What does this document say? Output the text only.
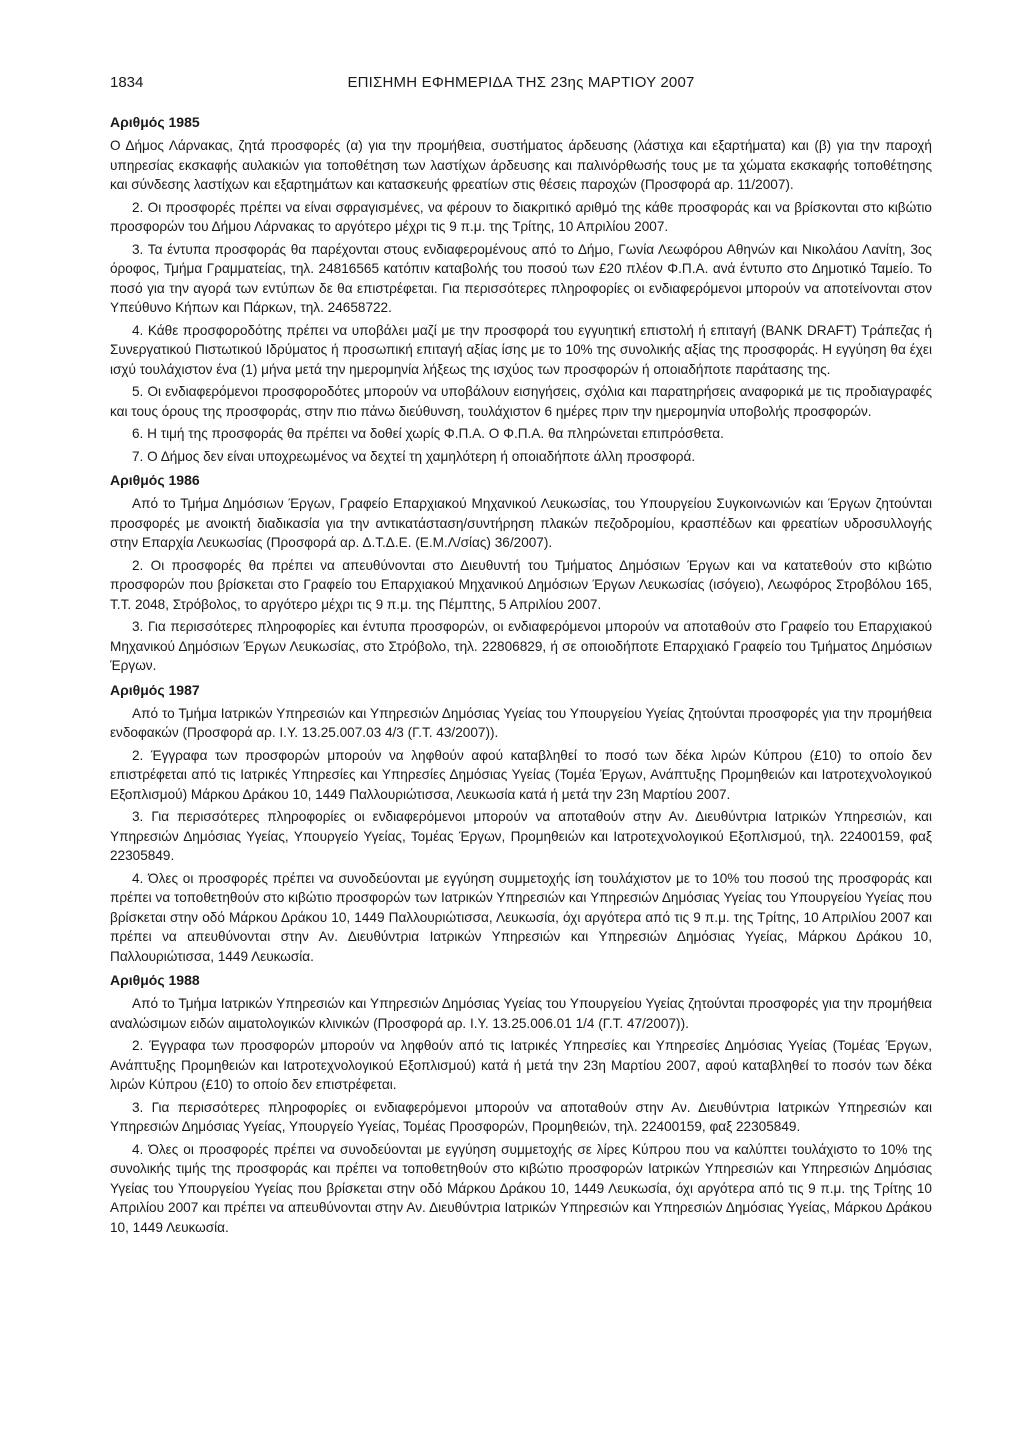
1834	ΕΠΙΣΗΜΗ ΕΦΗΜΕΡΙΔΑ ΤΗΣ 23ης ΜΑΡΤΙΟΥ 2007
Αριθμός 1985

Ο Δήμος Λάρνακας, ζητά προσφορές (α) για την προμήθεια, συστήματος άρδευσης (λάστιχα και εξαρτήματα) και (β) για την παροχή υπηρεσίας εκσκαφής αυλακιών για τοποθέτηση των λαστίχων άρδευσης και παλινόρθωσής τους με τα χώματα εκσκαφής τοποθέτησης και σύνδεσης λαστίχων και εξαρτημάτων και κατασκευής φρεατίων στις θέσεις παροχών (Προσφορά αρ. 11/2007).

2. Οι προσφορές πρέπει να είναι σφραγισμένες, να φέρουν το διακριτικό αριθμό της κάθε προσφοράς και να βρίσκονται στο κιβώτιο προσφορών του Δήμου Λάρνακας το αργότερο μέχρι τις 9 π.μ. της Τρίτης, 10 Απριλίου 2007.

3. Τα έντυπα προσφοράς θα παρέχονται στους ενδιαφερομένους από το Δήμο, Γωνία Λεωφόρου Αθηνών και Νικολάου Λανίτη, 3ος όροφος, Τμήμα Γραμματείας, τηλ. 24816565 κατόπιν καταβολής του ποσού των £20 πλέον Φ.Π.Α. ανά έντυπο στο Δημοτικό Ταμείο. Το ποσό για την αγορά των εντύπων δε θα επιστρέφεται. Για περισσότερες πληροφορίες οι ενδιαφερόμενοι μπορούν να αποτείνονται στον Υπεύθυνο Κήπων και Πάρκων, τηλ. 24658722.

4. Κάθε προσφοροδότης πρέπει να υποβάλει μαζί με την προσφορά του εγγυητική επιστολή ή επιταγή (BANK DRAFT) Τράπεζας ή Συνεργατικού Πιστωτικού Ιδρύματος ή προσωπική επιταγή αξίας ίσης με το 10% της συνολικής αξίας της προσφοράς. Η εγγύηση θα έχει ισχύ τουλάχιστον ένα (1) μήνα μετά την ημερομηνία λήξεως της ισχύος των προσφορών ή οποιαδήποτε παράτασης της.

5. Οι ενδιαφερόμενοι προσφοροδότες μπορούν να υποβάλουν εισηγήσεις, σχόλια και παρατηρήσεις αναφορικά με τις προδιαγραφές και τους όρους της προσφοράς, στην πιο πάνω διεύθυνση, τουλάχιστον 6 ημέρες πριν την ημερομηνία υποβολής προσφορών.

6. Η τιμή της προσφοράς θα πρέπει να δοθεί χωρίς Φ.Π.Α. Ο Φ.Π.Α. θα πληρώνεται επιπρόσθετα.

7. Ο Δήμος δεν είναι υποχρεωμένος να δεχτεί τη χαμηλότερη ή οποιαδήποτε άλλη προσφορά.

Αριθμός 1986

Από το Τμήμα Δημόσιων Έργων, Γραφείο Επαρχιακού Μηχανικού Λευκωσίας, του Υπουργείου Συγκοινωνιών και Έργων ζητούνται προσφορές με ανοικτή διαδικασία για την αντικατάσταση/συντήρηση πλακών πεζοδρομίου, κρασπέδων και φρεατίων υδροσυλλογής στην Επαρχία Λευκωσίας (Προσφορά αρ. Δ.Τ.Δ.Ε. (Ε.Μ.Λ/σίας) 36/2007).

2. Οι προσφορές θα πρέπει να απευθύνονται στο Διευθυντή του Τμήματος Δημόσιων Έργων και να κατατεθούν στο κιβώτιο προσφορών που βρίσκεται στο Γραφείο του Επαρχιακού Μηχανικού Δημόσιων Έργων Λευκωσίας (ισόγειο), Λεωφόρος Στροβόλου 165, Τ.Τ. 2048, Στρόβολος, το αργότερο μέχρι τις 9 π.μ. της Πέμπτης, 5 Απριλίου 2007.

3. Για περισσότερες πληροφορίες και έντυπα προσφορών, οι ενδιαφερόμενοι μπορούν να αποταθούν στο Γραφείο του Επαρχιακού Μηχανικού Δημόσιων Έργων Λευκωσίας, στο Στρόβολο, τηλ. 22806829, ή σε οποιοδήποτε Επαρχιακό Γραφείο του Τμήματος Δημόσιων Έργων.

Αριθμός 1987

Από το Τμήμα Ιατρικών Υπηρεσιών και Υπηρεσιών Δημόσιας Υγείας του Υπουργείου Υγείας ζητούνται προσφορές για την προμήθεια ενδοφακών (Προσφορά αρ. Ι.Υ. 13.25.007.03 4/3 (Γ.Τ. 43/2007)).

2. Έγγραφα των προσφορών μπορούν να ληφθούν αφού καταβληθεί το ποσό των δέκα λιρών Κύπρου (£10) το οποίο δεν επιστρέφεται από τις Ιατρικές Υπηρεσίες και Υπηρεσίες Δημόσιας Υγείας (Τομέα Έργων, Ανάπτυξης Προμηθειών και Ιατροτεχνολογικού Εξοπλισμού) Μάρκου Δράκου 10, 1449 Παλλουριώτισσα, Λευκωσία κατά ή μετά την 23η Μαρτίου 2007.

3. Για περισσότερες πληροφορίες οι ενδιαφερόμενοι μπορούν να αποταθούν στην Αν. Διευθύντρια Ιατρικών Υπηρεσιών, και Υπηρεσιών Δημόσιας Υγείας, Υπουργείο Υγείας, Τομέας Έργων, Προμηθειών και Ιατροτεχνολογικού Εξοπλισμού, τηλ. 22400159, φαξ 22305849.

4. Όλες οι προσφορές πρέπει να συνοδεύονται με εγγύηση συμμετοχής ίση τουλάχιστον με το 10% του ποσού της προσφοράς και πρέπει να τοποθετηθούν στο κιβώτιο προσφορών των Ιατρικών Υπηρεσιών και Υπηρεσιών Δημόσιας Υγείας του Υπουργείου Υγείας που βρίσκεται στην οδό Μάρκου Δράκου 10, 1449 Παλλουριώτισσα, Λευκωσία, όχι αργότερα από τις 9 π.μ. της Τρίτης, 10 Απριλίου 2007 και πρέπει να απευθύνονται στην Αν. Διευθύντρια Ιατρικών Υπηρεσιών και Υπηρεσιών Δημόσιας Υγείας, Μάρκου Δράκου 10, Παλλουριώτισσα, 1449 Λευκωσία.

Αριθμός 1988

Από το Τμήμα Ιατρικών Υπηρεσιών και Υπηρεσιών Δημόσιας Υγείας του Υπουργείου Υγείας ζητούνται προσφορές για την προμήθεια αναλώσιμων ειδών αιματολογικών κλινικών (Προσφορά αρ. Ι.Υ. 13.25.006.01 1/4 (Γ.Τ. 47/2007)).

2. Έγγραφα των προσφορών μπορούν να ληφθούν από τις Ιατρικές Υπηρεσίες και Υπηρεσίες Δημόσιας Υγείας (Τομέας Έργων, Ανάπτυξης Προμηθειών και Ιατροτεχνολογικού Εξοπλισμού) κατά ή μετά την 23η Μαρτίου 2007, αφού καταβληθεί το ποσόν των δέκα λιρών Κύπρου (£10) το οποίο δεν επιστρέφεται.

3. Για περισσότερες πληροφορίες οι ενδιαφερόμενοι μπορούν να αποταθούν στην Αν. Διευθύντρια Ιατρικών Υπηρεσιών και Υπηρεσιών Δημόσιας Υγείας, Υπουργείο Υγείας, Τομέας Προσφορών, Προμηθειών, τηλ. 22400159, φαξ 22305849.

4. Όλες οι προσφορές πρέπει να συνοδεύονται με εγγύηση συμμετοχής σε λίρες Κύπρου που να καλύπτει τουλάχιστο το 10% της συνολικής τιμής της προσφοράς και πρέπει να τοποθετηθούν στο κιβώτιο προσφορών Ιατρικών Υπηρεσιών και Υπηρεσιών Δημόσιας Υγείας του Υπουργείου Υγείας που βρίσκεται στην οδό Μάρκου Δράκου 10, 1449 Λευκωσία, όχι αργότερα από τις 9 π.μ. της Τρίτης 10 Απριλίου 2007 και πρέπει να απευθύνονται στην Αν. Διευθύντρια Ιατρικών Υπηρεσιών και Υπηρεσιών Δημόσιας Υγείας, Μάρκου Δράκου 10, 1449 Λευκωσία.
